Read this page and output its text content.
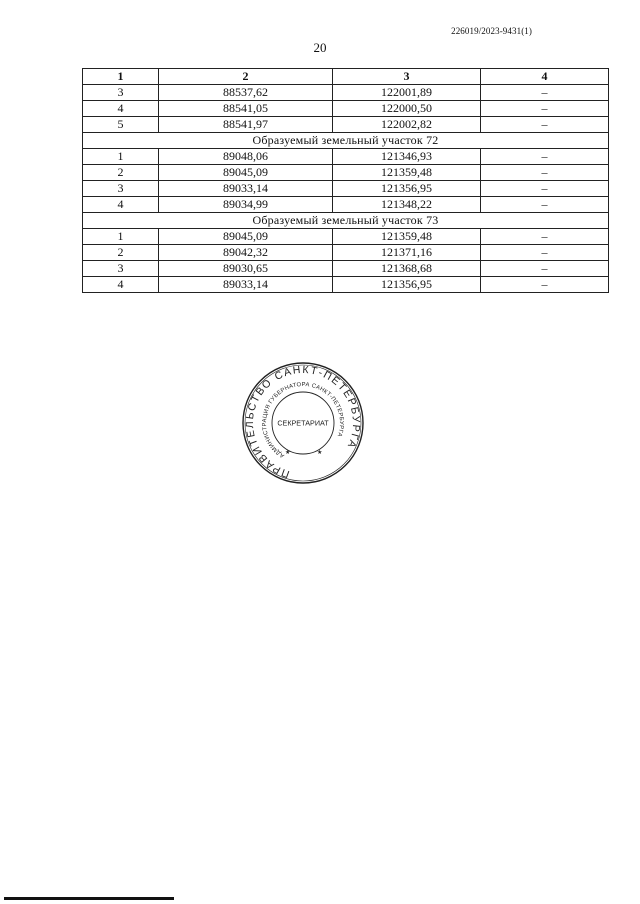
226019/2023-9431(1)
20
1	2	3	4
3	88537,62	122001,89	–
4	88541,05	122000,50	–
5	88541,97	122002,82	–
Образуемый земельный участок 72			
1	89048,06	121346,93	–
2	89045,09	121359,48	–
3	89033,14	121356,95	–
4	89034,99	121348,22	–
Образуемый земельный участок 73			
1	89045,09	121359,48	–
2	89042,32	121371,16	–
3	89030,65	121368,68	–
4	89033,14	121356,95	–
ПРАВИТЕЛЬСТВО САНКТ-ПЕТЕРБУРГА
АДМИНИСТРАЦИЯ ГУБЕРНАТОРА САНКТ-ПЕТЕРБУРГА
СЕКРЕТАРИАТ
★	★
